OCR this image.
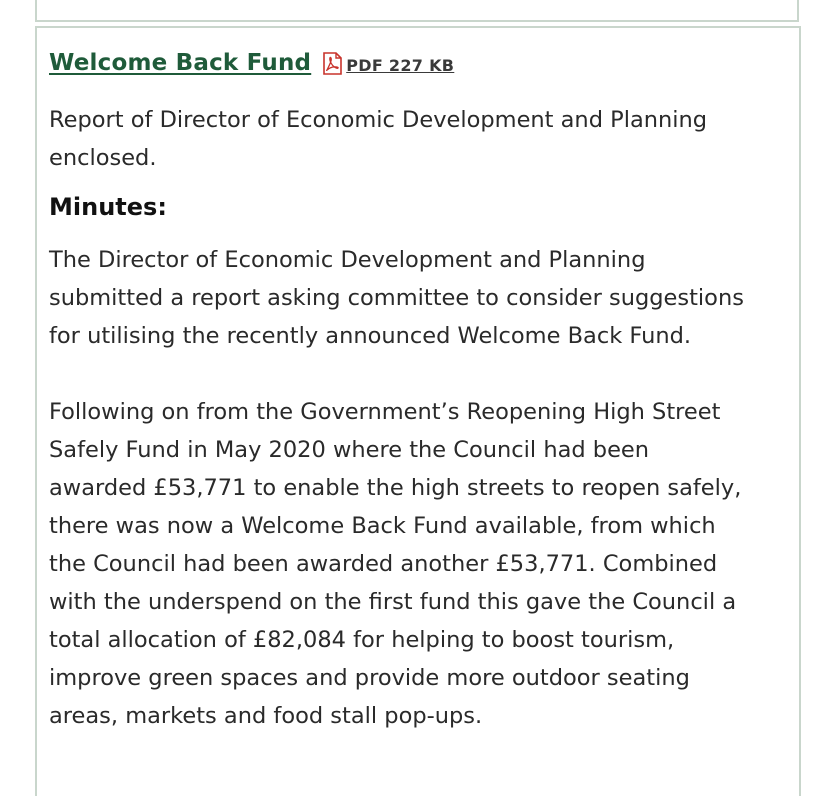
Welcome Back Fund PDF 227 KB

Report of Director of Economic Development and Planning
enclosed.

Minutes:

The Director of Economic Development and Planning
submitted a report asking committee to consider suggestions
for utilising the recently announced Welcome Back Fund.

Following on from the Government’s Reopening High Street
Safely Fund in May 2020 where the Council had been
awarded £53,771 to enable the high streets to reopen safely,
there was now a Welcome Back Fund available, from which
the Council had been awarded another £53,771. Combined
with the underspend on the first fund this gave the Council a
total allocation of £82,084 for helping to boost tourism,
improve green spaces and provide more outdoor seating
areas, markets and food stall pop-ups.
